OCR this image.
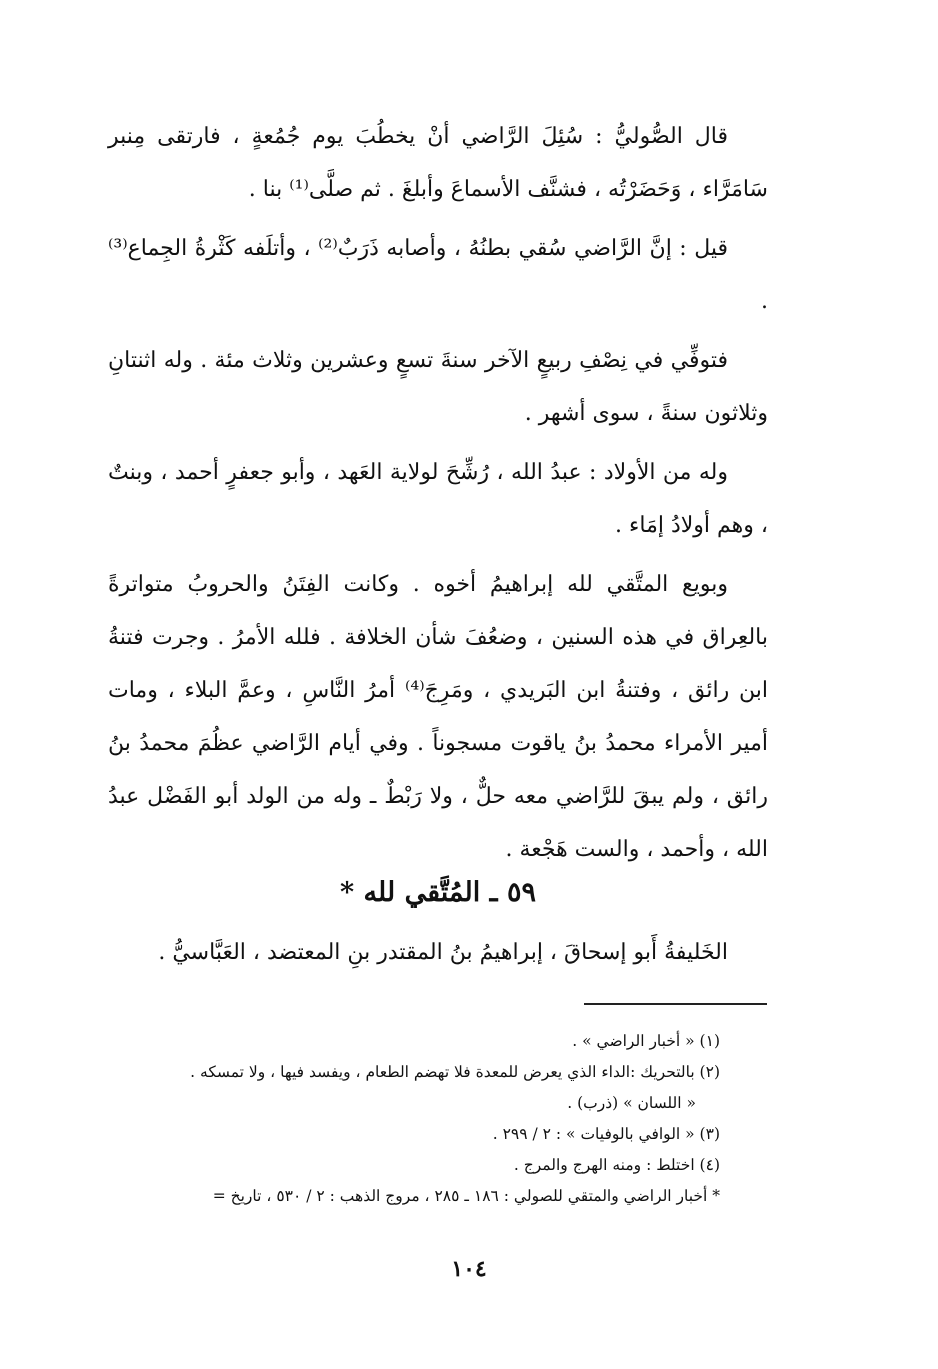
قال الصُّوليُّ : سُئِلَ الرَّاضي أنْ يخطُبَ يوم جُمُعةٍ ، فارتقى مِنبر سَامَرَّاء ، وَحَضَرْتُه ، فشنَّف الأسماعَ وأبلغَ . ثم صلَّى⁽¹⁾ بنا .

قيل : إنَّ الرَّاضي سُقي بطنُهُ ، وأصابه ذَرَبٌ⁽²⁾ ، وأتلَفه كَثْرةُ الجِماع⁽³⁾ .

فتوفِّي في نِصْفِ ربيعٍ الآخر سنةَ تسعٍ وعشرين وثلاث مئة . وله اثنتانِ وثلاثون سنةً ، سوى أشهر .

وله من الأولاد : عبدُ الله ، رُشِّحَ لولاية العَهد ، وأبو جعفرٍ أحمد ، وبنتٌ ، وهم أولادُ إمَاء .

وبويع المتَّقي لله إبراهيمُ أخوه . وكانت الفِتَنُ والحروبُ متواترةً بالعِراق في هذه السنين ، وضعُفَ شأن الخلافة . فلله الأمرُ . وجرت فتنةُ ابن رائق ، وفتنةُ ابن البَريدي ، ومَرِجَ⁽⁴⁾ أمرُ النَّاسِ ، وعمَّ البلاء ، ومات أمير الأمراء محمدُ بنُ ياقوت مسجوناً . وفي أيام الرَّاضي عظُمَ محمدُ بنُ رائق ، ولم يبقَ للرَّاضي معه حلٌّ ، ولا رَبْطٌ ـ وله من الولد أبو الفَضْل عبدُ الله ، وأحمد ، والست هَجْعة .

٥٩ ـ المُتَّقي لله *
الخَليفةُ أَبو إسحاقَ ، إبراهيمُ بنُ المقتدر بنِ المعتضد ، العَبَّاسيُّ .

(١) « أخبار الراضي » .

(٢) بالتحريك :الداء الذي يعرض للمعدة فلا تهضم الطعام ، ويفسد فيها ، ولا تمسكه .

« اللسان » (ذرب) .

(٣) « الوافي بالوفيات » : ٢ / ٢٩٩ .

(٤) اختلط : ومنه الهرج والمرج .

* أخبار الراضي والمتقي للصولي : ١٨٦ ـ ٢٨٥ ، مروج الذهب : ٢ / ٥٣٠ ، تاريخ =

١٠٤
